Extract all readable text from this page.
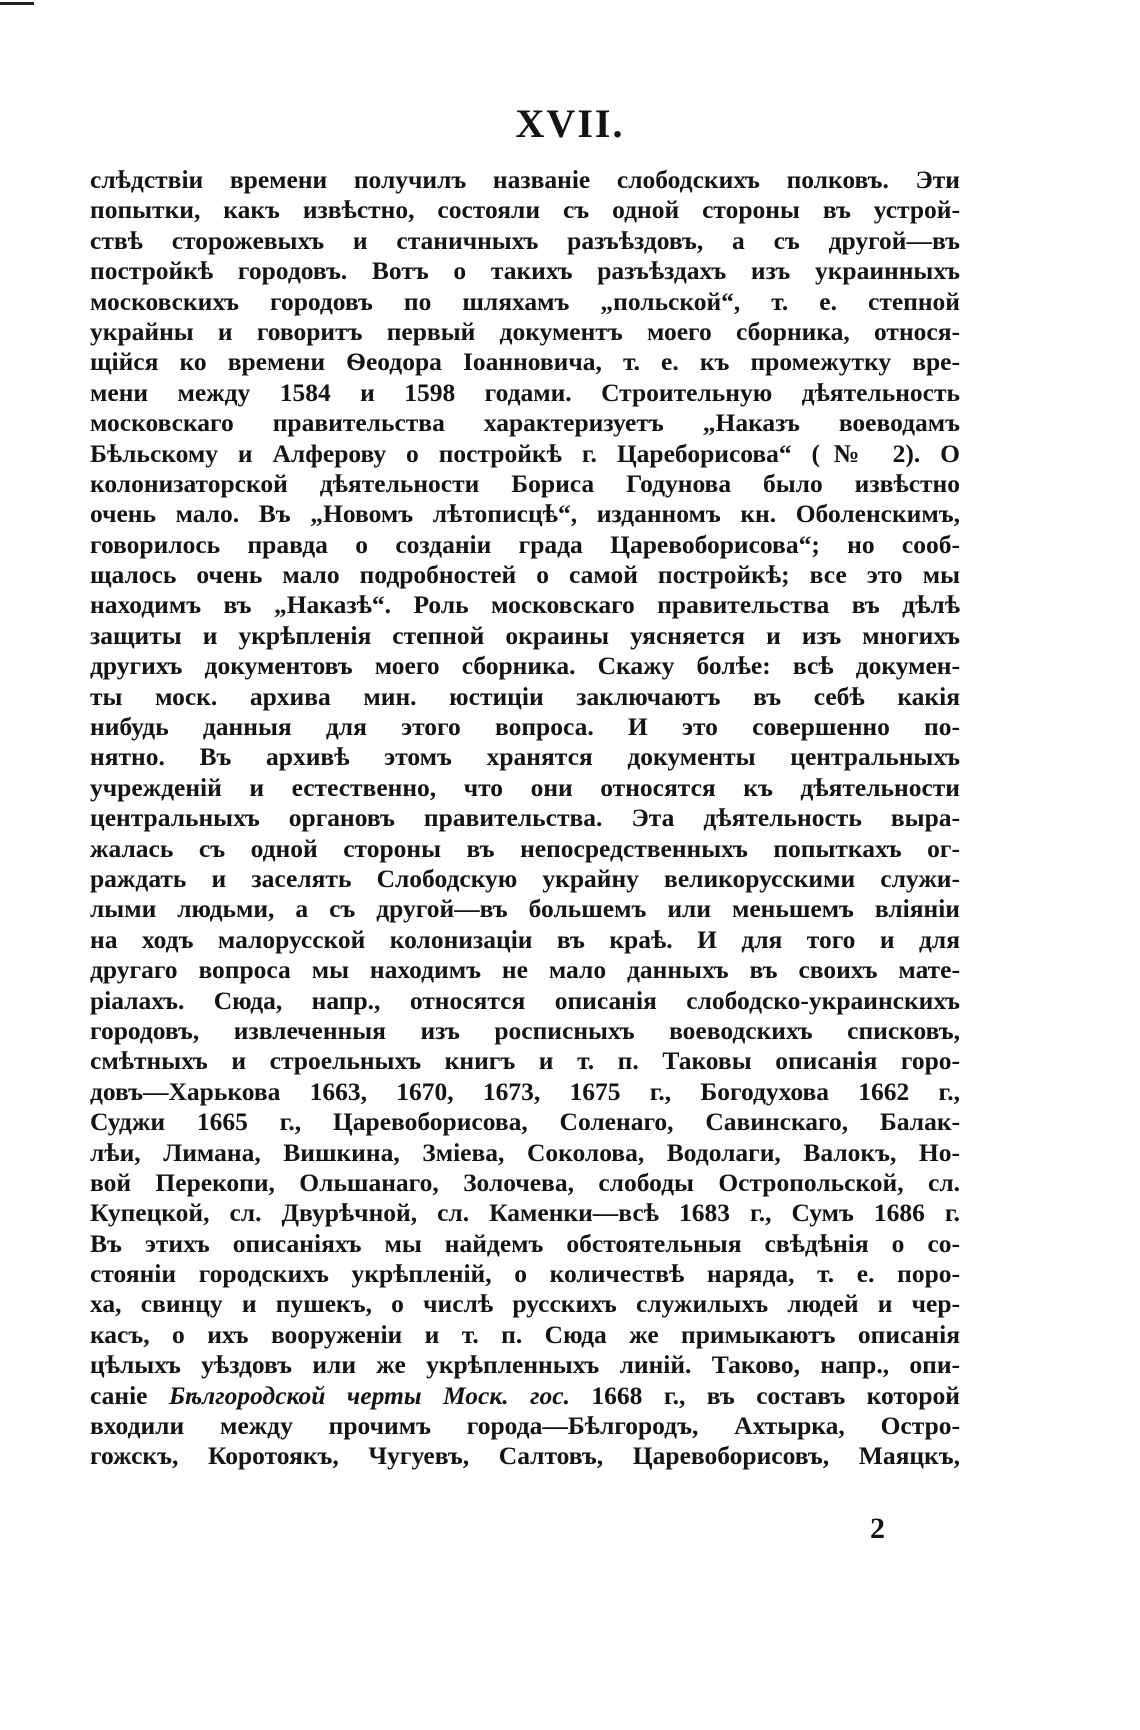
XVII.
слѣдствіи времени получилъ названіе слободскихъ полковъ. Эти
попытки, какъ извѣстно, состояли съ одной стороны въ устрой-
ствѣ сторожевыхъ и станичныхъ разъѣздовъ, а съ другой—въ
постройкѣ городовъ. Вотъ о такихъ разъѣздахъ изъ украинныхъ
московскихъ городовъ по шляхамъ „польской“, т. е. степной
украйны и говоритъ первый документъ моего сборника, относя-
щійся ко времени Ѳеодора Іоанновича, т. е. къ промежутку вре-
мени между 1584 и 1598 годами. Строительную дѣятельность
московскаго правительства характеризуетъ „Наказъ воеводамъ
Бѣльскому и Алферову о постройкѣ г. Цареборисова“ (№ 2). О
колонизаторской дѣятельности Бориса Годунова было извѣстно
очень мало. Въ „Новомъ лѣтописцѣ“, изданномъ кн. Оболенскимъ,
говорилось правда о созданіи града Царевоборисова“; но сооб-
щалось очень мало подробностей о самой постройкѣ; все это мы
находимъ въ „Наказѣ“. Роль московскаго правительства въ дѣлѣ
защиты и укрѣпленія степной окраины уясняется и изъ многихъ
другихъ документовъ моего сборника. Скажу болѣе: всѣ докумен-
ты моск. архива мин. юстиціи заключаютъ въ себѣ какія
нибудь данныя для этого вопроса. И это совершенно по-
нятно. Въ архивѣ этомъ хранятся документы центральныхъ
учрежденій и естественно, что они относятся къ дѣятельности
центральныхъ органовъ правительства. Эта дѣятельность выра-
жалась съ одной стороны въ непосредственныхъ попыткахъ ог-
раждать и заселять Слободскую украйну великорусскими служи-
лыми людьми, а съ другой—въ большемъ или меньшемъ вліяніи
на ходъ малорусской колонизаціи въ краѣ. И для того и для
другаго вопроса мы находимъ не мало данныхъ въ своихъ мате-
ріалахъ. Сюда, напр., относятся описанія слободско-украинскихъ
городовъ, извлеченныя изъ росписныхъ воеводскихъ списковъ,
смѣтныхъ и строельныхъ книгъ и т. п. Таковы описанія горо-
довъ—Харькова 1663, 1670, 1673, 1675 г., Богодухова 1662 г.,
Суджи 1665 г., Царевоборисова, Соленаго, Савинскаго, Балак-
лѣи, Лимана, Вишкина, Зміева, Соколова, Водолаги, Валокъ, Но-
вой Перекопи, Ольшанаго, Золочева, слободы Остропольской, сл.
Купецкой, сл. Двурѣчной, сл. Каменки—всѣ 1683 г., Сумъ 1686 г.
Въ этихъ описаніяхъ мы найдемъ обстоятельныя свѣдѣнія о со-
стояніи городскихъ укрѣпленій, о количествѣ наряда, т. е. поро-
ха, свинцу и пушекъ, о числѣ русскихъ служилыхъ людей и чер-
касъ, о ихъ вооруженіи и т. п. Сюда же примыкаютъ описанія
цѣлыхъ уѣздовъ или же укрѣпленныхъ линій. Таково, напр., опи-
саніе Бѣлгородской черты Моск. гос. 1668 г., въ составъ которой
входили между прочимъ города—Бѣлгородъ, Ахтырка, Остро-
гожскъ, Коротоякъ, Чугуевъ, Салтовъ, Царевоборисовъ, Маяцкъ,
2
